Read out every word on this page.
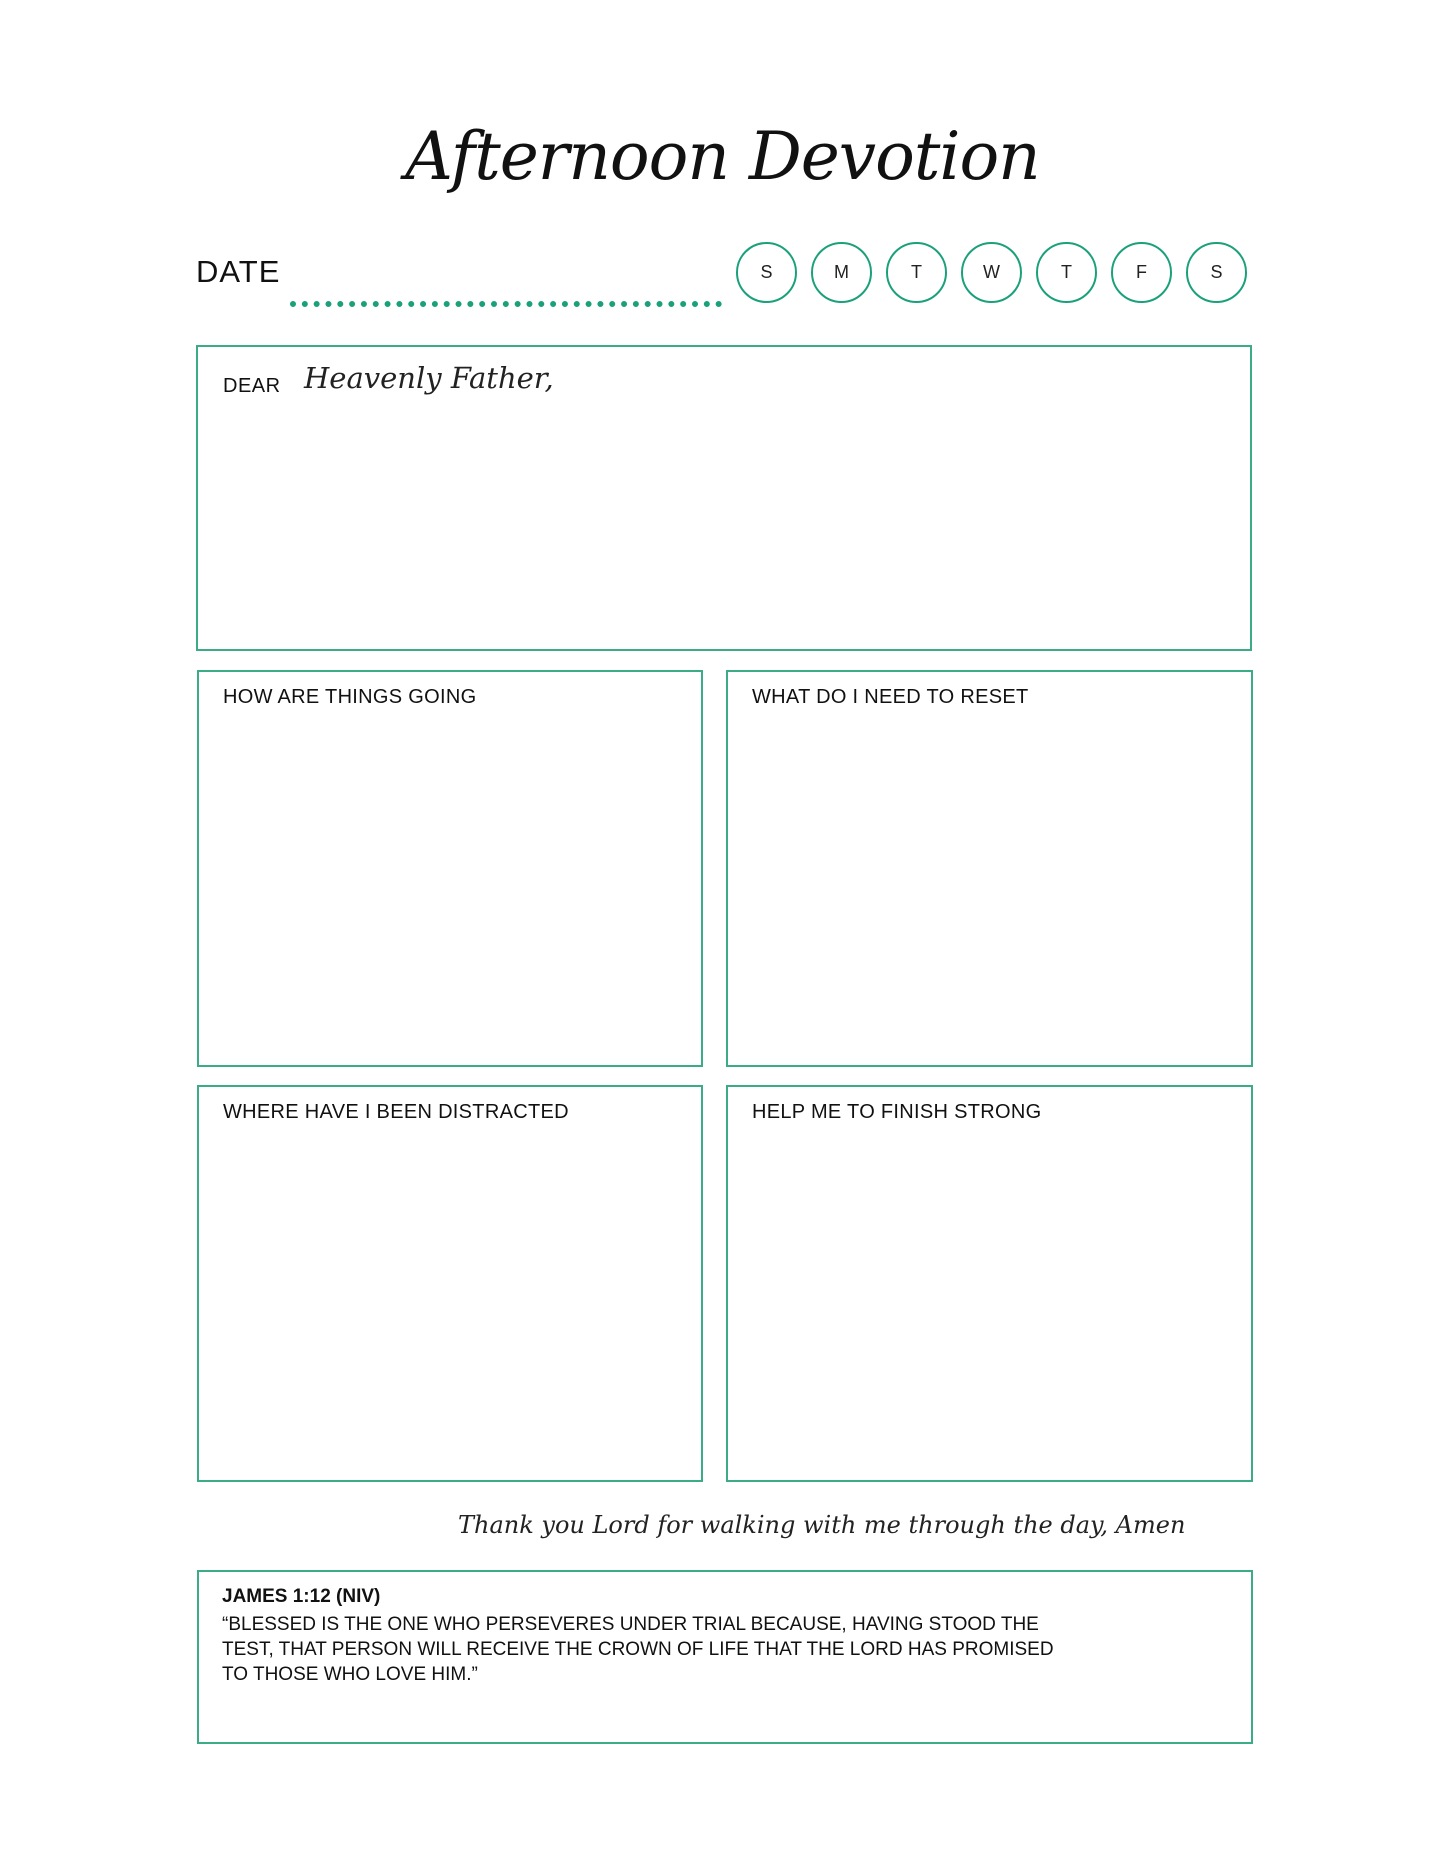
Afternoon Devotion
DATE	S	M	T	W	T	F	S
DEAR Heavenly Father,
HOW ARE THINGS GOING	WHAT DO I NEED TO RESET
WHERE HAVE I BEEN DISTRACTED	HELP ME TO FINISH STRONG
Thank you Lord for walking with me through the day, Amen
JAMES 1:12 (NIV)
“BLESSED IS THE ONE WHO PERSEVERES UNDER TRIAL BECAUSE, HAVING STOOD THE TEST, THAT PERSON WILL RECEIVE THE CROWN OF LIFE THAT THE LORD HAS PROMISED TO THOSE WHO LOVE HIM.”
